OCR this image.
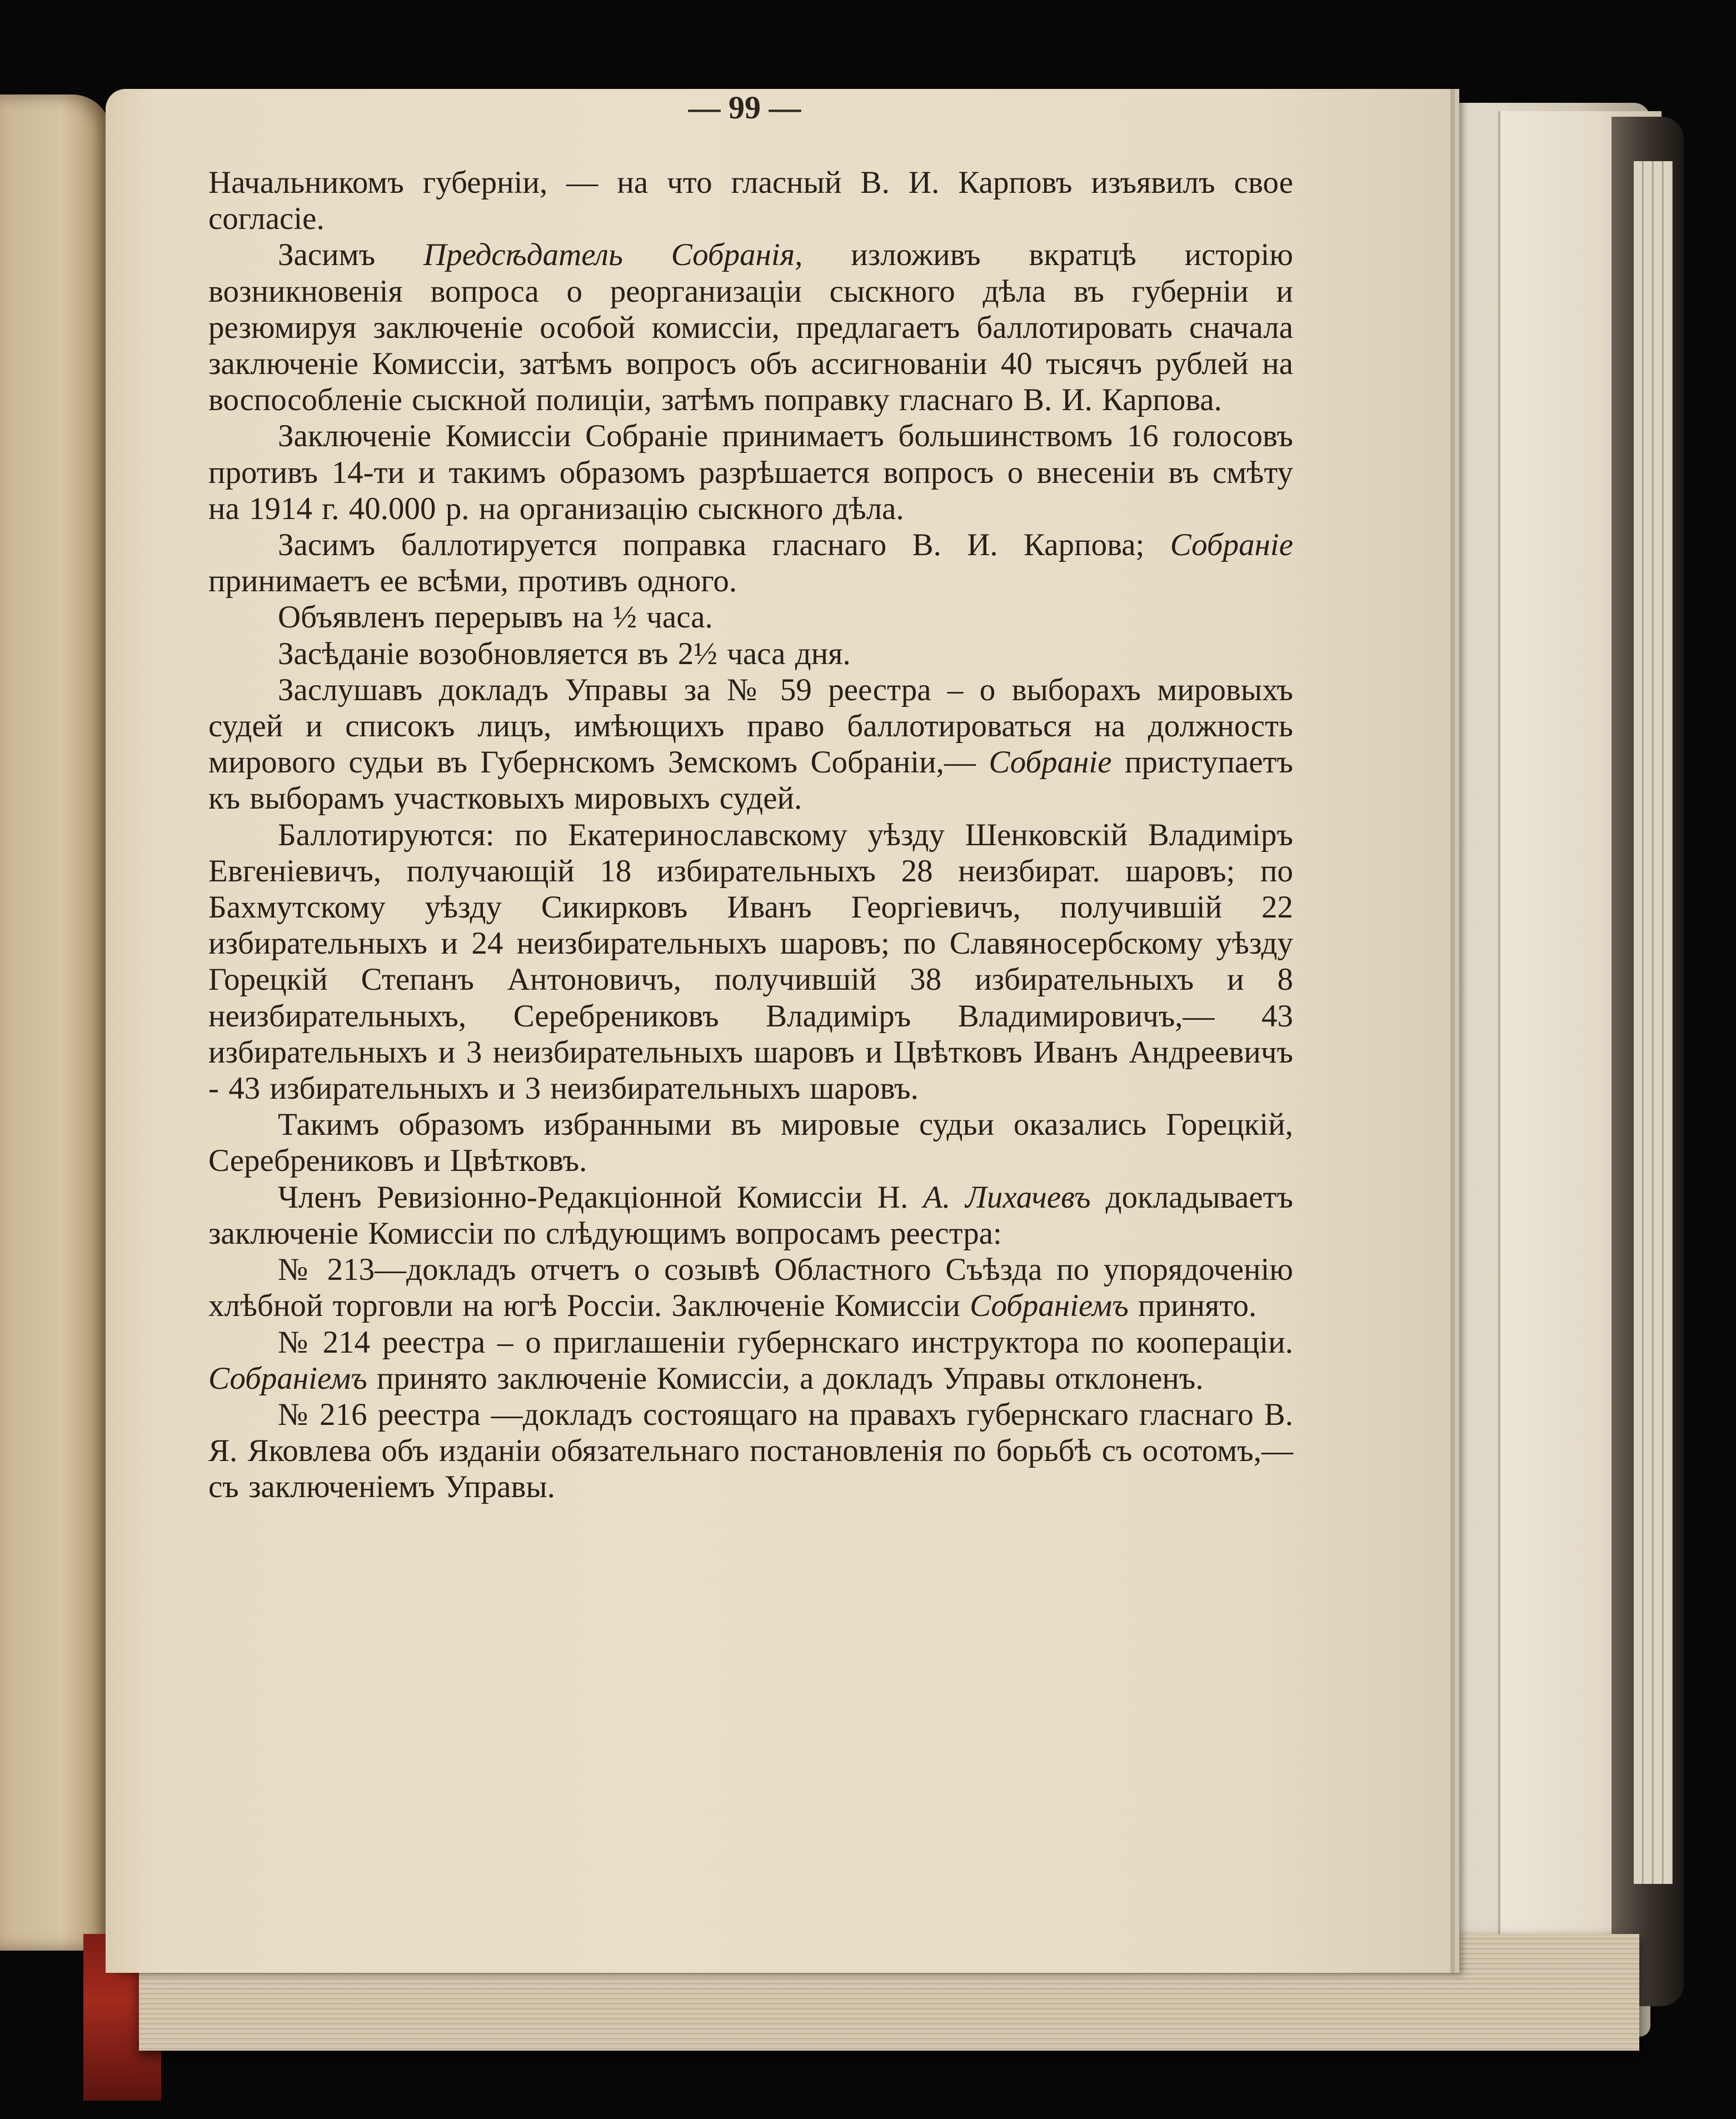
— 99 —

Начальникомъ губерніи, — на что гласный В. И. Карповъ изъявилъ свое согласіе.

Засимъ Предсѣдатель Собранія, изложивъ вкратцѣ исторію возникновенія вопроса о реорганизаціи сыскного дѣла въ губерніи и резюмируя заключеніе особой комиссіи, предлагаетъ баллотировать сначала заключеніе Комиссіи, затѣмъ вопросъ объ ассигнованіи 40 тысячъ рублей на воспособленіе сыскной полиціи, затѣмъ поправку гласнаго В. И. Карпова.

Заключеніе Комиссіи Собраніе принимаетъ большинствомъ 16 голосовъ противъ 14-ти и такимъ образомъ разрѣшается вопросъ о внесеніи въ смѣту на 1914 г. 40.000 р. на организацію сыскного дѣла.

Засимъ баллотируется поправка гласнаго В. И. Карпова; Собраніе принимаетъ ее всѣми, противъ одного.

Объявленъ перерывъ на ½ часа.

Засѣданіе возобновляется въ 2½ часа дня.

Заслушавъ докладъ Управы за № 59 реестра – о выборахъ мировыхъ судей и списокъ лицъ, имѣющихъ право баллотироваться на должность мирового судьи въ Губернскомъ Земскомъ Собраніи,— Собраніе приступаетъ къ выборамъ участковыхъ мировыхъ судей.

Баллотируются: по Екатеринославскому уѣзду Шенковскій Владиміръ Евгеніевичъ, получающій 18 избирательныхъ 28 неизбират. шаровъ; по Бахмутскому уѣзду Сикирковъ Иванъ Георгіевичъ, получившій 22 избирательныхъ и 24 неизбирательныхъ шаровъ; по Славяносербскому уѣзду Горецкій Степанъ Антоновичъ, получившій 38 избирательныхъ и 8 неизбирательныхъ, Серебрениковъ Владиміръ Владимировичъ,— 43 избирательныхъ и 3 неизбирательныхъ шаровъ и Цвѣтковъ Иванъ Андреевичъ - 43 избирательныхъ и 3 неизбирательныхъ шаровъ.

Такимъ образомъ избранными въ мировые судьи оказались Горецкій, Серебрениковъ и Цвѣтковъ.

Членъ Ревизіонно-Редакціонной Комиссіи Н. А. Лихачевъ докладываетъ заключеніе Комиссіи по слѣдующимъ вопросамъ реестра:

№ 213—докладъ отчетъ о созывѣ Областного Съѣзда по упорядоченію хлѣбной торговли на югѣ Россіи. Заключеніе Комиссіи Собраніемъ принято.

№ 214 реестра – о приглашеніи губернскаго инструктора по коопераціи. Собраніемъ принято заключеніе Комиссіи, а докладъ Управы отклоненъ.

№ 216 реестра —докладъ состоящаго на правахъ губернскаго гласнаго В. Я. Яковлева объ изданіи обязательнаго постановленія по борьбѣ съ осотомъ,—съ заключеніемъ Управы.
